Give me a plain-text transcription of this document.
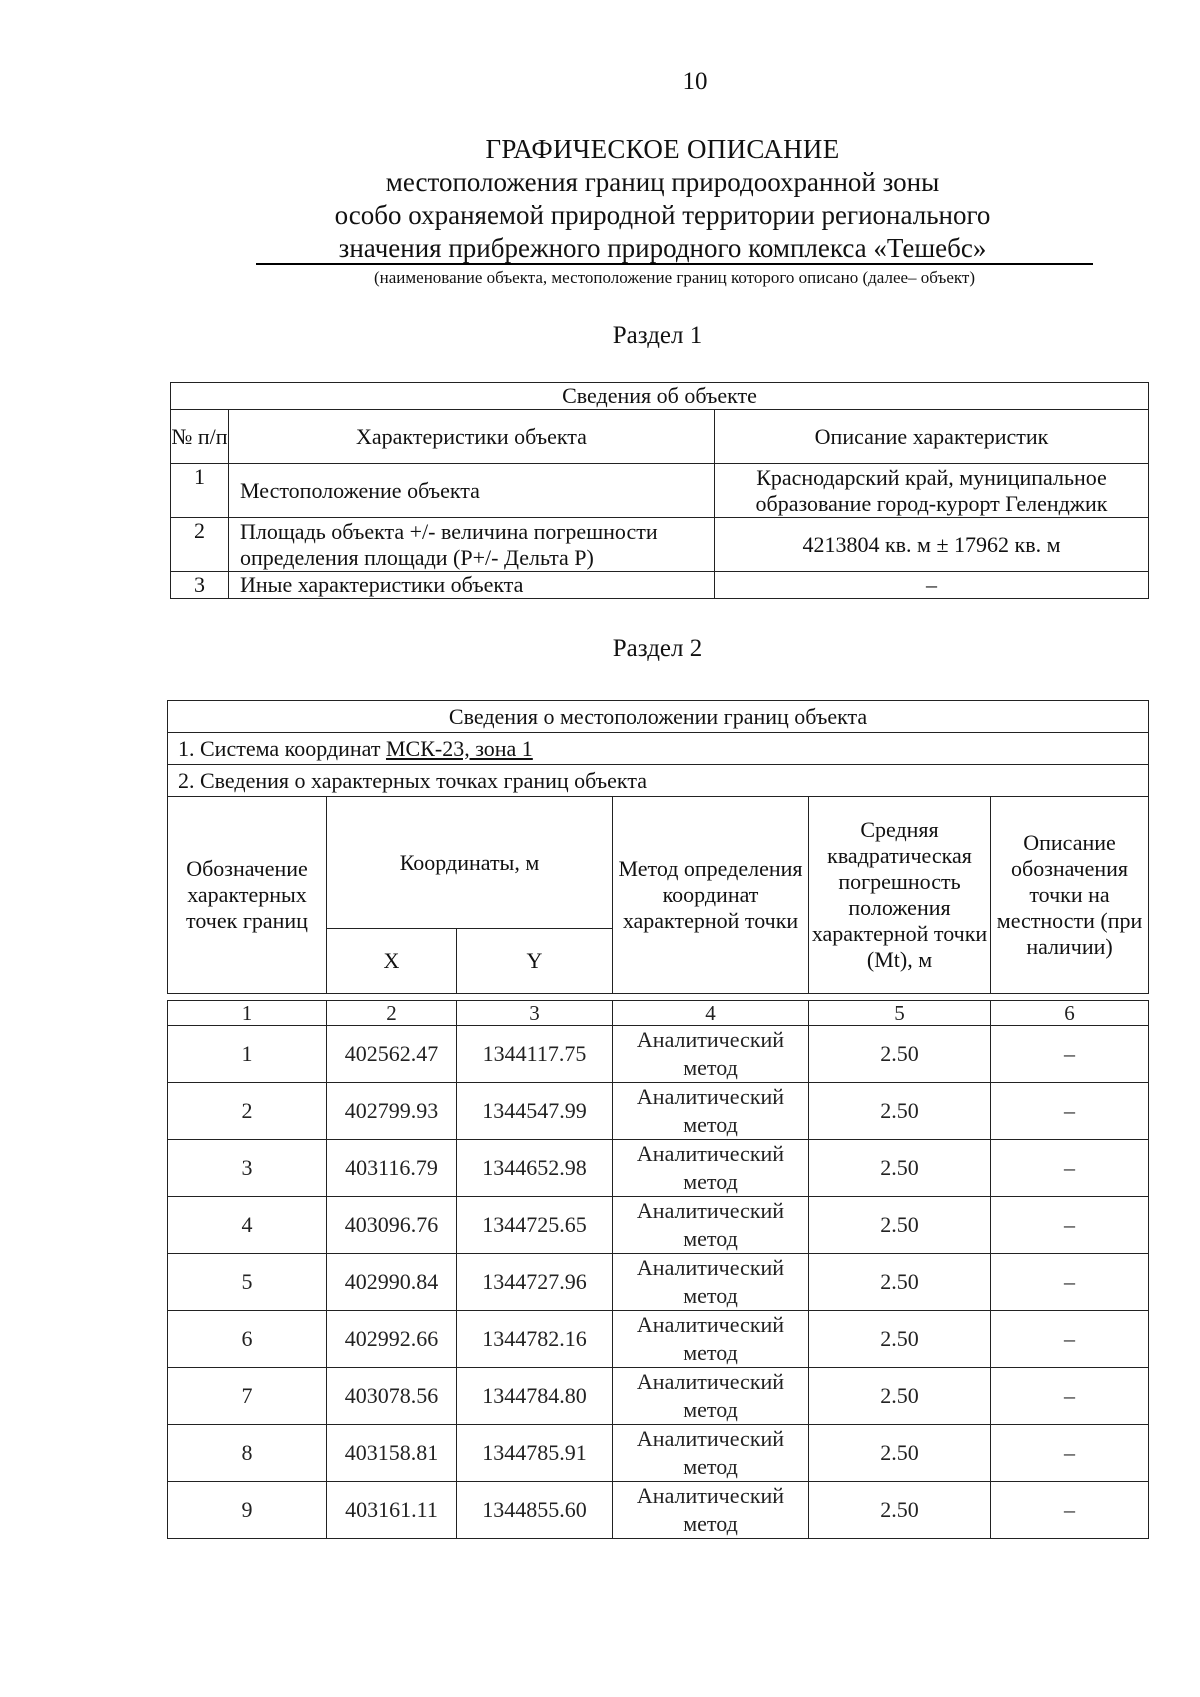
10
ГРАФИЧЕСКОЕ ОПИСАНИЕ
местоположения границ природоохранной зоны
особо охраняемой природной территории регионального
значения прибрежного природного комплекса «Тешебс»
(наименование объекта, местоположение границ которого описано (далее– объект)
Раздел 1
Сведения об объекте		
№ п/п	Характеристики объекта	Описание характеристик
1	Местоположение объекта	Краснодарский край, муниципальное образование город-курорт Геленджик
2	Площадь объекта +/- величина погрешности определения площади (Р+/- Дельта Р)	4213804 кв. м ± 17962 кв. м
3	Иные характеристики объекта	–
Раздел 2
Сведения о местоположении границ объекта					
1. Система координат МСК-23, зона 1					
2. Сведения о характерных точках границ объекта					
Обозначение характерных точек границ	Координаты, м		Метод определения координат характерной точки	Средняя квадратическая погрешность положения характерной точки (Mt), м	Описание обозначения точки на местности (при наличии)
	X	Y			
1	2	3	4	5	6
1	402562.47	1344117.75	Аналитический метод	2.50	–
2	402799.93	1344547.99	Аналитический метод	2.50	–
3	403116.79	1344652.98	Аналитический метод	2.50	–
4	403096.76	1344725.65	Аналитический метод	2.50	–
5	402990.84	1344727.96	Аналитический метод	2.50	–
6	402992.66	1344782.16	Аналитический метод	2.50	–
7	403078.56	1344784.80	Аналитический метод	2.50	–
8	403158.81	1344785.91	Аналитический метод	2.50	–
9	403161.11	1344855.60	Аналитический метод	2.50	–
